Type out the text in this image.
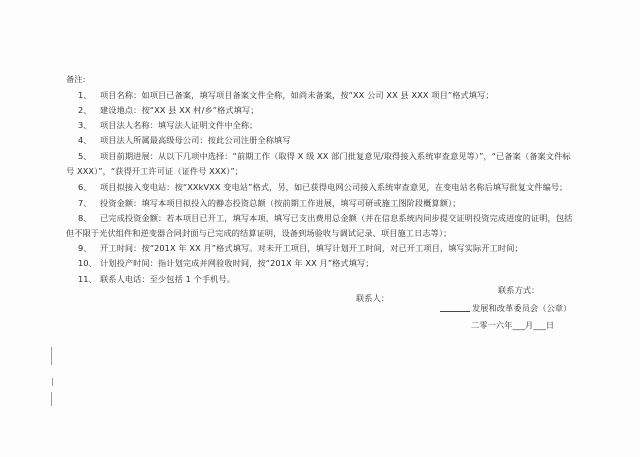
备注:
1、 项目名称：如项目已备案，填写项目备案文件全称，如尚未备案，按“XX 公司 XX 县 XXX 项目”格式填写；
2、 建设地点：按“XX 县 XX 村/乡”格式填写；
3、 项目法人名称：填写法人证明文件中全称；
4、 项目法人所属最高级母公司：按此公司注册全称填写
5、 项目前期进展：从以下几项中选择：“前期工作（取得 X 级 XX 部门批复意见/取得接入系统审查意见等）”，“已备案（备案文件标
号 XXX）”，“获得开工许可证（证件号 XXX）”；
6、 项目拟接入变电站：按“XXkVXX 变电站”格式，另，如已获得电网公司接入系统审查意见，在变电站名称后填写批复文件编号；
7、 投资金额：填写本项目拟投入的静态投资总额（按前期工作进展，填写可研或施工图阶段概算额）；
8、 已完成投资金额：若本项目已开工，填写本项，填写已支出费用总金额（并在信息系统内同步提交证明投资完成进度的证明，包括
但不限于光伏组件和逆变器合同封面与已完成的结算证明，设备到场验收与调试记录、项目施工日志等）；
9、 开工时间：按“201X 年 XX 月”格式填写。对未开工项目，填写计划开工时间，对已开工项目，填写实际开工时间；
10、 计划投产时间：指计划完成并网验收时间，按“201X 年 XX 月”格式填写；
11、 联系人电话：至少包括 1 个手机号。
联系人：
联系方式：
发展和改革委员会（公章）
二零一六年___月___日
